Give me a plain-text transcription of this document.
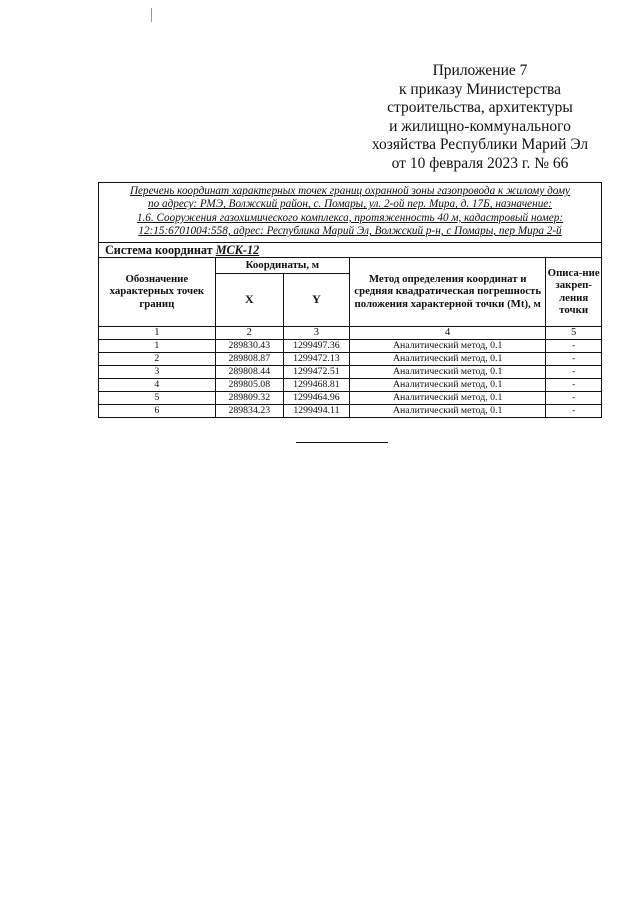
Приложение 7
к приказу Министерства
строительства, архитектуры
и жилищно-коммунального
хозяйства Республики Марий Эл
от 10 февраля 2023 г. № 66
Перечень координат характерных точек границ охранной зоны газопровода к жилому дому
по адресу: РМЭ, Волжский район, с. Помары, ул. 2-ой пер. Мира, д. 17Б, назначение:
1.6. Сооружения газохимического комплекса, протяженность 40 м, кадастровый номер:
12:15:6701004:558, адрес: Республика Марий Эл, Волжский р-н, с Помары, пер Мира 2-й
Система координат МСК-12
Обозначение характерных точек границ	Координаты, м		Метод определения координат и средняя квадратическая погрешность положения характерной точки (Mt), м	Описа-ние закреп-ления точки
	X	Y		
1	2	3	4	5
1	289830.43	1299497.36	Аналитический метод, 0.1	-
2	289808.87	1299472.13	Аналитический метод, 0.1	-
3	289808.44	1299472.51	Аналитический метод, 0.1	-
4	289805.08	1299468.81	Аналитический метод, 0.1	-
5	289809.32	1299464.96	Аналитический метод, 0.1	-
6	289834.23	1299494.11	Аналитический метод, 0.1	-
